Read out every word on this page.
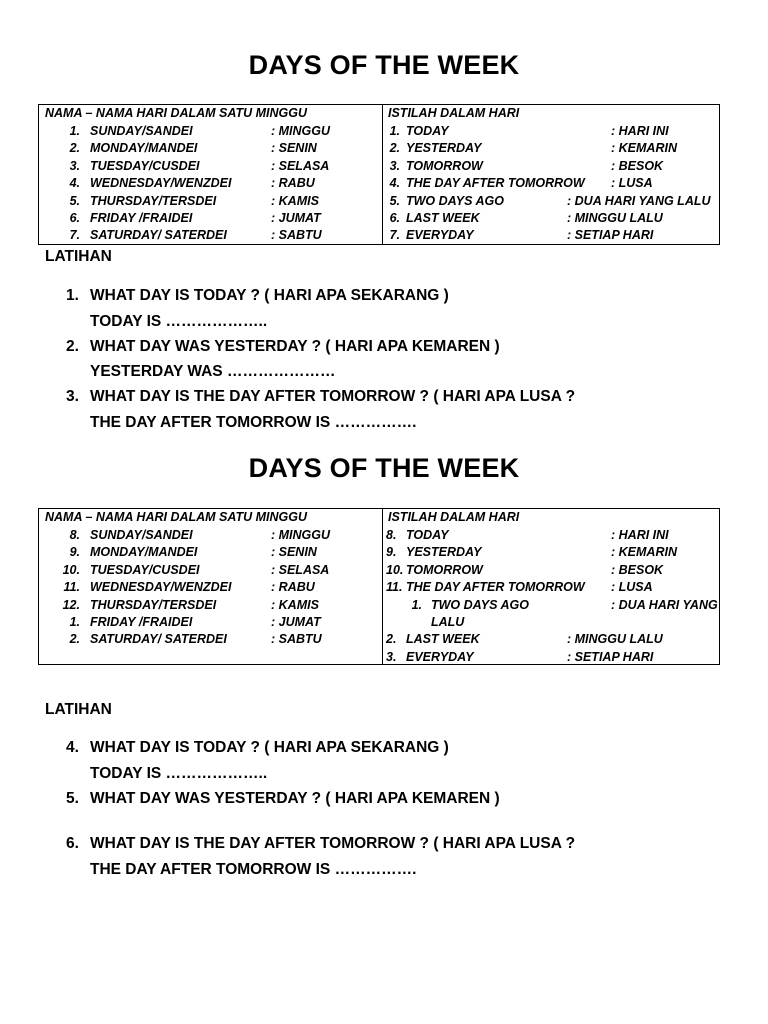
DAYS OF THE WEEK
NAMA – NAMA HARI DALAM SATU MINGGU
1. SUNDAY/SANDEI	: MINGGU
2. MONDAY/MANDEI	: SENIN
3. TUESDAY/CUSDEI	: SELASA
4. WEDNESDAY/WENZDEI	: RABU
5. THURSDAY/TERSDEI	: KAMIS
6. FRIDAY /FRAIDEI	: JUMAT
7. SATURDAY/ SATERDEI	: SABTU
ISTILAH DALAM HARI
1. TODAY	: HARI INI
2. YESTERDAY	: KEMARIN
3. TOMORROW	: BESOK
4. THE DAY AFTER TOMORROW : LUSA
5. TWO DAYS AGO	: DUA HARI YANG LALU
6. LAST WEEK	: MINGGU LALU
7. EVERYDAY	: SETIAP HARI
LATIHAN
1. WHAT DAY IS TODAY ? ( HARI APA SEKARANG )
TODAY IS ………………..
2. WHAT DAY WAS YESTERDAY ? ( HARI APA KEMAREN )
YESTERDAY WAS …………………
3. WHAT DAY IS THE DAY AFTER TOMORROW ? ( HARI APA LUSA ?
THE DAY AFTER TOMORROW IS …………….
DAYS OF THE WEEK
NAMA – NAMA HARI DALAM SATU MINGGU
8. SUNDAY/SANDEI	: MINGGU
9. MONDAY/MANDEI	: SENIN
10. TUESDAY/CUSDEI	: SELASA
11. WEDNESDAY/WENZDEI	: RABU
12. THURSDAY/TERSDEI	: KAMIS
1. FRIDAY /FRAIDEI	: JUMAT
2. SATURDAY/ SATERDEI	: SABTU
ISTILAH DALAM HARI
8. TODAY	: HARI INI
9. YESTERDAY	: KEMARIN
10. TOMORROW	: BESOK
11. THE DAY AFTER TOMORROW : LUSA
1. TWO DAYS AGO	: DUA HARI YANG
LALU
2. LAST WEEK	: MINGGU LALU
3. EVERYDAY	: SETIAP HARI
LATIHAN
4. WHAT DAY IS TODAY ? ( HARI APA SEKARANG )
TODAY IS ………………..
5. WHAT DAY WAS YESTERDAY ? ( HARI APA KEMAREN )
6. WHAT DAY IS THE DAY AFTER TOMORROW ? ( HARI APA LUSA ?
THE DAY AFTER TOMORROW IS …………….
